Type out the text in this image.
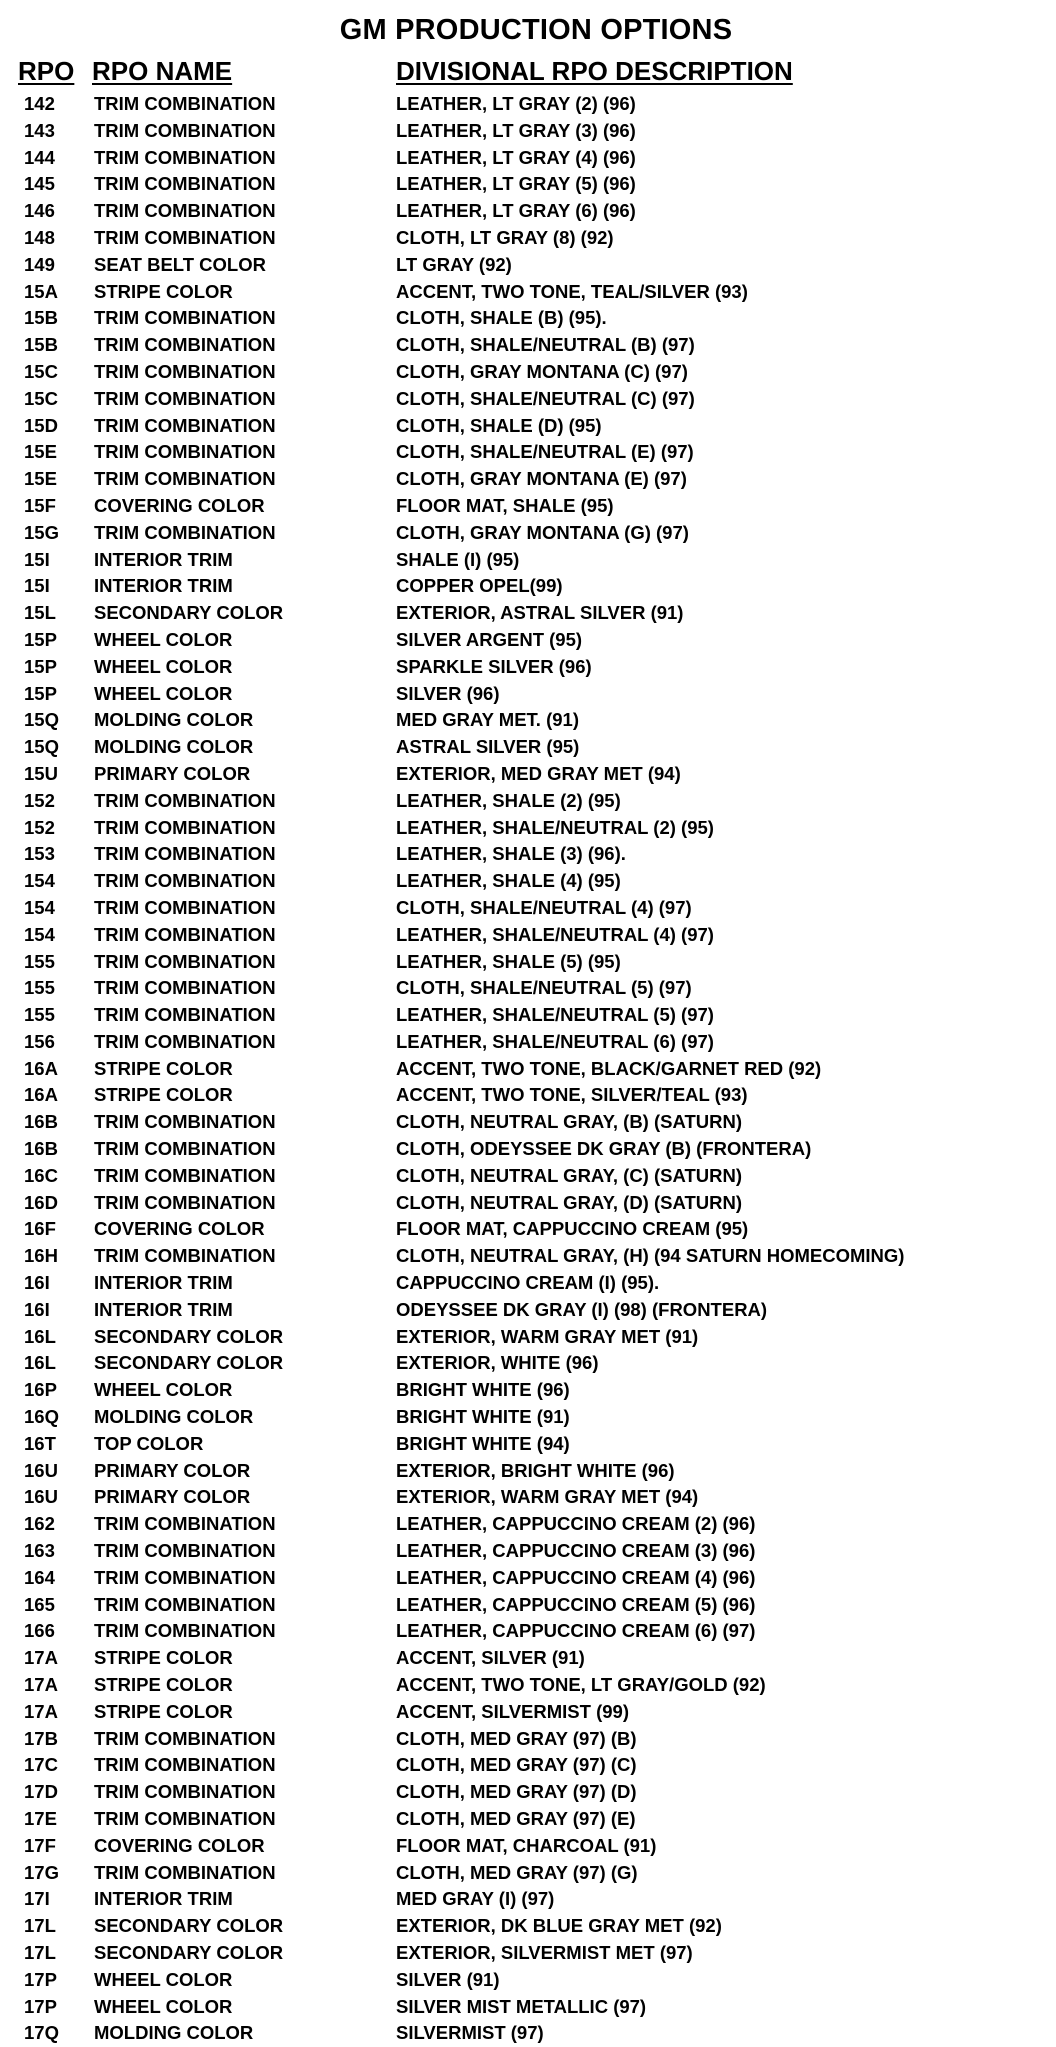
GM PRODUCTION OPTIONS
RPO RPO NAME	DIVISIONAL RPO DESCRIPTION
142 TRIM COMBINATION	LEATHER, LT GRAY (2) (96)
143 TRIM COMBINATION	LEATHER, LT GRAY (3) (96)
144 TRIM COMBINATION	LEATHER, LT GRAY (4) (96)
145 TRIM COMBINATION	LEATHER, LT GRAY (5) (96)
146 TRIM COMBINATION	LEATHER, LT GRAY (6) (96)
148 TRIM COMBINATION	CLOTH, LT GRAY (8) (92)
149 SEAT BELT COLOR	LT GRAY (92)
15A STRIPE COLOR	ACCENT, TWO TONE, TEAL/SILVER (93)
15B TRIM COMBINATION	CLOTH, SHALE (B) (95).
15B TRIM COMBINATION	CLOTH, SHALE/NEUTRAL (B) (97)
15C TRIM COMBINATION	CLOTH, GRAY MONTANA (C) (97)
15C TRIM COMBINATION	CLOTH, SHALE/NEUTRAL (C) (97)
15D TRIM COMBINATION	CLOTH, SHALE (D) (95)
15E TRIM COMBINATION	CLOTH, SHALE/NEUTRAL (E) (97)
15E TRIM COMBINATION	CLOTH, GRAY MONTANA (E) (97)
15F COVERING COLOR	FLOOR MAT, SHALE (95)
15G TRIM COMBINATION	CLOTH, GRAY MONTANA (G) (97)
15I INTERIOR TRIM	SHALE (I) (95)
15I INTERIOR TRIM	COPPER OPEL(99)
15L SECONDARY COLOR	EXTERIOR, ASTRAL SILVER (91)
15P WHEEL COLOR	SILVER ARGENT (95)
15P WHEEL COLOR	SPARKLE SILVER (96)
15P WHEEL COLOR	SILVER (96)
15Q MOLDING COLOR	MED GRAY MET. (91)
15Q MOLDING COLOR	ASTRAL SILVER (95)
15U PRIMARY COLOR	EXTERIOR, MED GRAY MET (94)
152 TRIM COMBINATION	LEATHER, SHALE (2) (95)
152 TRIM COMBINATION	LEATHER, SHALE/NEUTRAL (2) (95)
153 TRIM COMBINATION	LEATHER, SHALE (3) (96).
154 TRIM COMBINATION	LEATHER, SHALE (4) (95)
154 TRIM COMBINATION	CLOTH, SHALE/NEUTRAL (4) (97)
154 TRIM COMBINATION	LEATHER, SHALE/NEUTRAL (4) (97)
155 TRIM COMBINATION	LEATHER, SHALE (5) (95)
155 TRIM COMBINATION	CLOTH, SHALE/NEUTRAL (5) (97)
155 TRIM COMBINATION	LEATHER, SHALE/NEUTRAL (5) (97)
156 TRIM COMBINATION	LEATHER, SHALE/NEUTRAL (6) (97)
16A STRIPE COLOR	ACCENT, TWO TONE, BLACK/GARNET RED (92)
16A STRIPE COLOR	ACCENT, TWO TONE, SILVER/TEAL (93)
16B TRIM COMBINATION	CLOTH, NEUTRAL GRAY, (B) (SATURN)
16B TRIM COMBINATION	CLOTH, ODEYSSEE DK GRAY (B) (FRONTERA)
16C TRIM COMBINATION	CLOTH, NEUTRAL GRAY, (C) (SATURN)
16D TRIM COMBINATION	CLOTH, NEUTRAL GRAY, (D) (SATURN)
16F COVERING COLOR	FLOOR MAT, CAPPUCCINO CREAM (95)
16H TRIM COMBINATION	CLOTH, NEUTRAL GRAY, (H) (94 SATURN HOMECOMING)
16I INTERIOR TRIM	CAPPUCCINO CREAM (I) (95).
16I INTERIOR TRIM	ODEYSSEE DK GRAY (I) (98) (FRONTERA)
16L SECONDARY COLOR	EXTERIOR, WARM GRAY MET (91)
16L SECONDARY COLOR	EXTERIOR, WHITE (96)
16P WHEEL COLOR	BRIGHT WHITE (96)
16Q MOLDING COLOR	BRIGHT WHITE (91)
16T TOP COLOR	BRIGHT WHITE (94)
16U PRIMARY COLOR	EXTERIOR, BRIGHT WHITE (96)
16U PRIMARY COLOR	EXTERIOR, WARM GRAY MET (94)
162 TRIM COMBINATION	LEATHER, CAPPUCCINO CREAM (2) (96)
163 TRIM COMBINATION	LEATHER, CAPPUCCINO CREAM (3) (96)
164 TRIM COMBINATION	LEATHER, CAPPUCCINO CREAM (4) (96)
165 TRIM COMBINATION	LEATHER, CAPPUCCINO CREAM (5) (96)
166 TRIM COMBINATION	LEATHER, CAPPUCCINO CREAM (6) (97)
17A STRIPE COLOR	ACCENT, SILVER (91)
17A STRIPE COLOR	ACCENT, TWO TONE, LT GRAY/GOLD (92)
17A STRIPE COLOR	ACCENT, SILVERMIST (99)
17B TRIM COMBINATION	CLOTH, MED GRAY (97) (B)
17C TRIM COMBINATION	CLOTH, MED GRAY (97) (C)
17D TRIM COMBINATION	CLOTH, MED GRAY (97) (D)
17E TRIM COMBINATION	CLOTH, MED GRAY (97) (E)
17F COVERING COLOR	FLOOR MAT, CHARCOAL (91)
17G TRIM COMBINATION	CLOTH, MED GRAY (97) (G)
17I INTERIOR TRIM	MED GRAY (I) (97)
17L SECONDARY COLOR	EXTERIOR, DK BLUE GRAY MET (92)
17L SECONDARY COLOR	EXTERIOR, SILVERMIST MET (97)
17P WHEEL COLOR	SILVER (91)
17P WHEEL COLOR	SILVER MIST METALLIC (97)
17Q MOLDING COLOR	SILVERMIST (97)
